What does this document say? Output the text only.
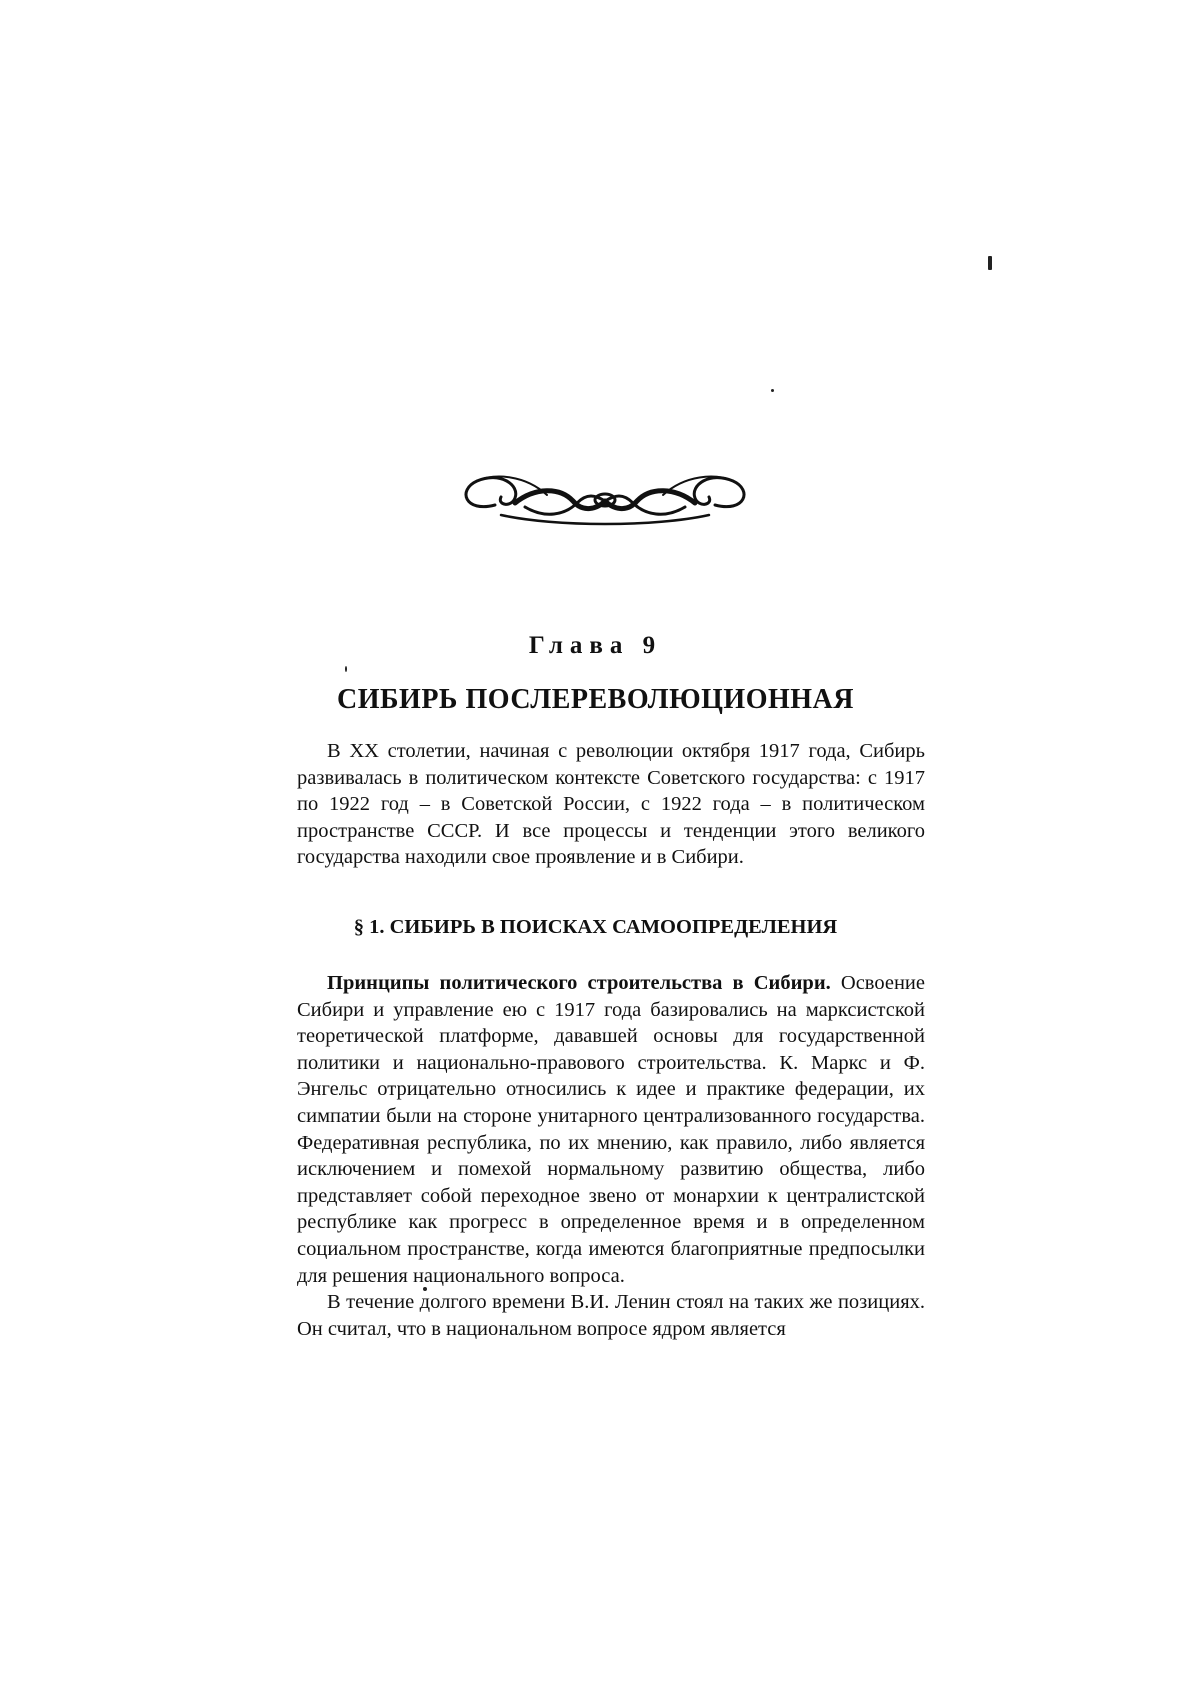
Глава 9
СИБИРЬ ПОСЛЕРЕВОЛЮЦИОННАЯ

В XX столетии, начиная с революции октября 1917 года, Сибирь развивалась в политическом контексте Советского государства: с 1917 по 1922 год – в Советской России, с 1922 года – в политическом пространстве СССР. И все процессы и тенденции этого великого государства находили свое проявление и в Сибири.

§ 1. СИБИРЬ В ПОИСКАХ САМООПРЕДЕЛЕНИЯ

Принципы политического строительства в Сибири. Освоение Сибири и управление ею с 1917 года базировались на марксистской теоретической платформе, дававшей основы для государственной политики и национально-правового строительства. К. Маркс и Ф. Энгельс отрицательно относились к идее и практике федерации, их симпатии были на стороне унитарного централизованного государства. Федеративная республика, по их мнению, как правило, либо является исключением и помехой нормальному развитию общества, либо представляет собой переходное звено от монархии к централистской республике как прогресс в определенное время и в определенном социальном пространстве, когда имеются благоприятные предпосылки для решения национального вопроса.

В течение долгого времени В.И. Ленин стоял на таких же позициях. Он считал, что в национальном вопросе ядром является
